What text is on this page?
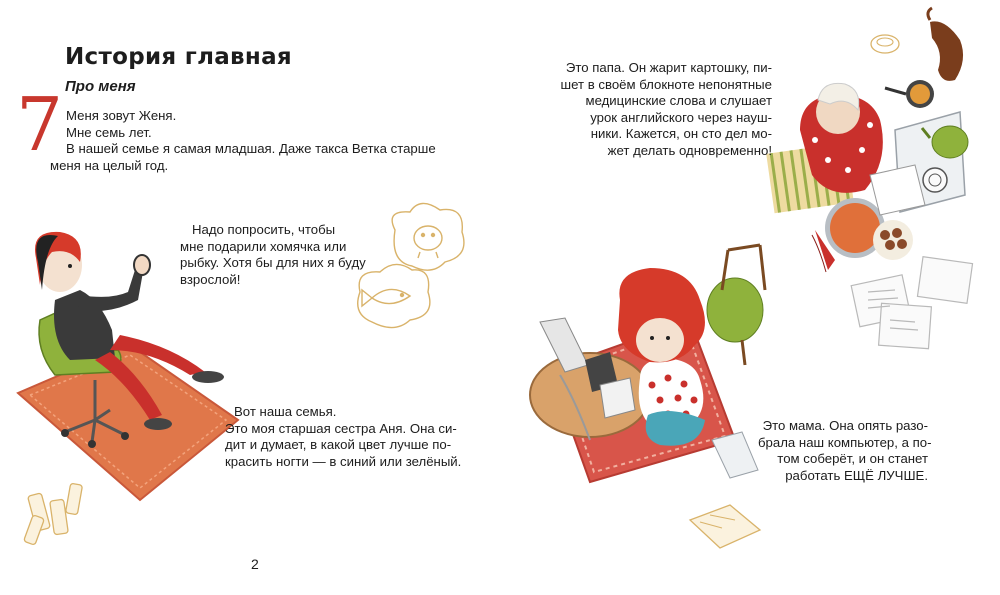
История главная
Про меня
7 Меня зовут Женя.
Мне семь лет.
В нашей семье я самая младшая. Даже такса Ветка старше
меня на целый год.
Надо попросить, чтобы
мне подарили хомячка или
рыбку. Хотя бы для них я буду
взрослой!
Вот наша семья.
Это моя старшая сестра Аня. Она си-
дит и думает, в какой цвет лучше по-
красить ногти — в синий или зелёный.
Это папа. Он жарит картошку, пи-
шет в своём блокноте непонятные
медицинские слова и слушает
урок английского через науш-
ники. Кажется, он сто дел мо-
жет делать одновременно!
Это мама. Она опять разо-
брала наш компьютер, а по-
том соберёт, и он станет
работать ЕЩЁ ЛУЧШЕ.
2
